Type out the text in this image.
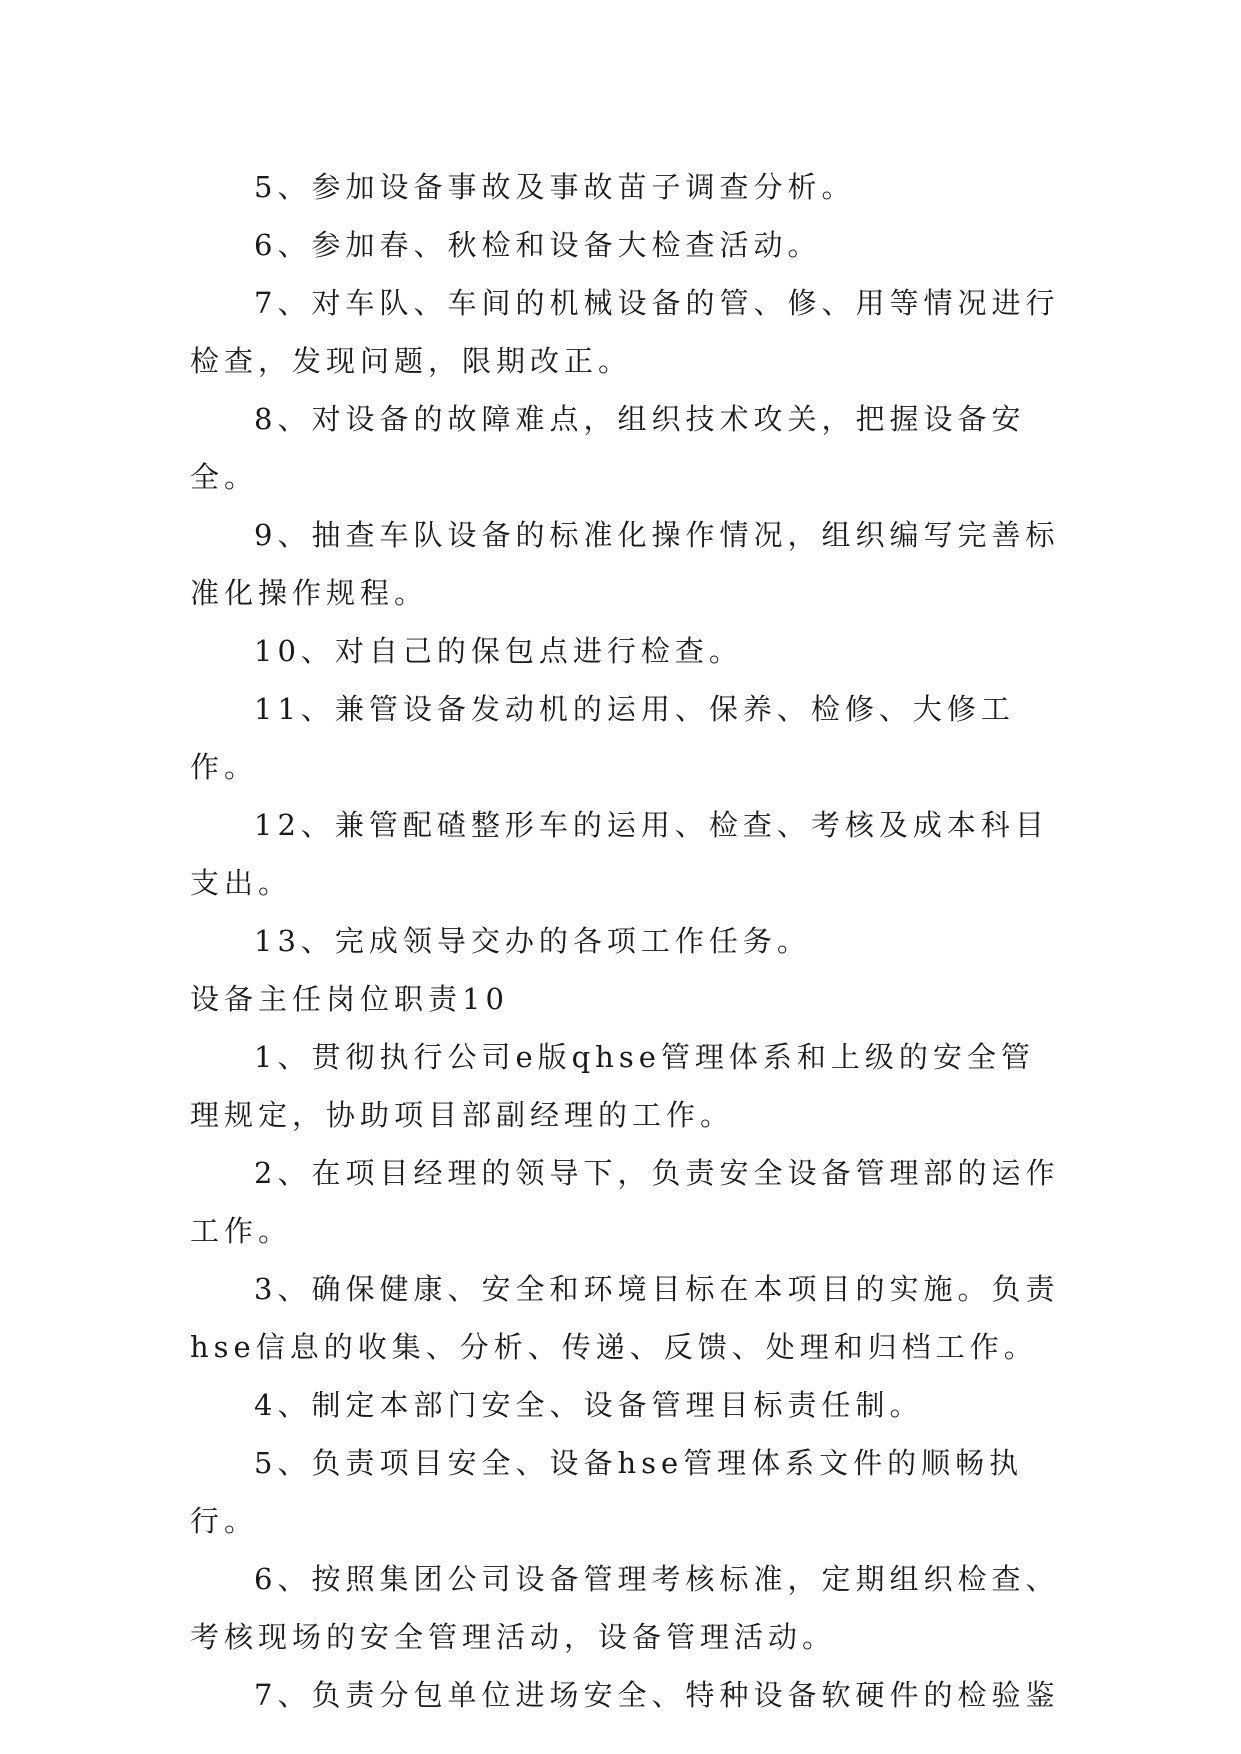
5、参加设备事故及事故苗子调查分析。

6、参加春、秋检和设备大检查活动。

7、对车队、车间的机械设备的管、修、用等情况进行检查，发现问题，限期改正。

8、对设备的故障难点，组织技术攻关，把握设备安全。

9、抽查车队设备的标准化操作情况，组织编写完善标准化操作规程。

10、对自己的保包点进行检查。

11、兼管设备发动机的运用、保养、检修、大修工作。

12、兼管配碴整形车的运用、检查、考核及成本科目支出。

13、完成领导交办的各项工作任务。

设备主任岗位职责10

1、贯彻执行公司e版qhse管理体系和上级的安全管理规定，协助项目部副经理的工作。

2、在项目经理的领导下，负责安全设备管理部的运作工作。

3、确保健康、安全和环境目标在本项目的实施。负责hse信息的收集、分析、传递、反馈、处理和归档工作。

4、制定本部门安全、设备管理目标责任制。

5、负责项目安全、设备hse管理体系文件的顺畅执行。

6、按照集团公司设备管理考核标准，定期组织检查、考核现场的安全管理活动，设备管理活动。

7、负责分包单位进场安全、特种设备软硬件的检验鉴
